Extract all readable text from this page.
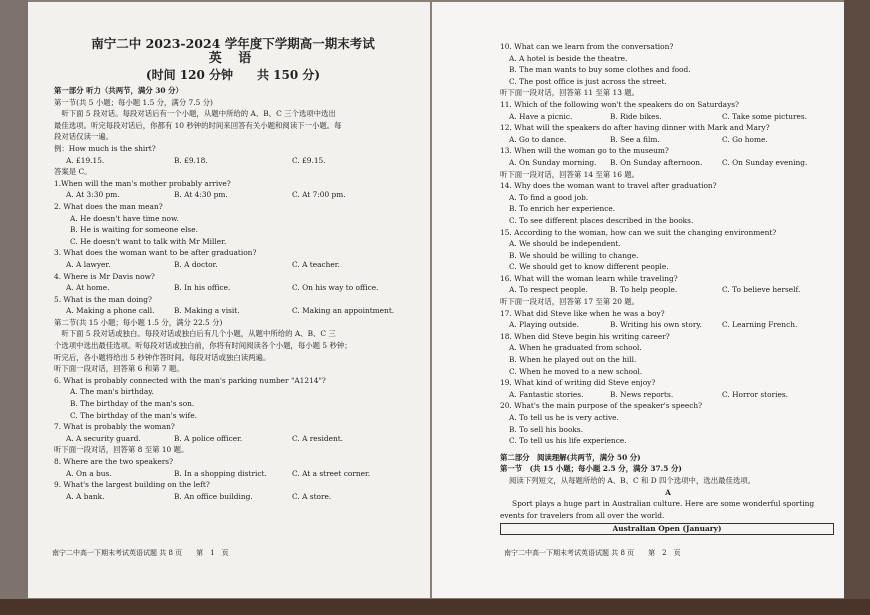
南宁二中 2023-2024 学年度下学期高一期末考试
英 语
(时间 120 分钟　　共 150 分)
第一部分 听力（共两节，满分 30 分）
第一节(共 5 小题；每小题 1.5 分，满分 7.5 分)
　听下面 5 段对话。每段对话后有一个小题，从题中所给的 A、B、C 三个选项中选出
最佳选项。听完每段对话后，你都有 10 秒钟的时间来回答有关小题和阅读下一小题。每
段对话仅读一遍。
例：How much is the shirt?
A. £19.15.	B. £9.18.	C. £9.15.
答案是 C。
1.When will the man's mother probably arrive?
A. At 3:30 pm.	B. At 4:30 pm.	C. At 7:00 pm.
2. What does the man mean?
A. He doesn't have time now.
B. He is waiting for someone else.
C. He doesn't want to talk with Mr Miller.
3. What does the woman want to be after graduation?
A. A lawyer.	B. A doctor.	C. A teacher.
4. Where is Mr Davis now?
A. At home.	B. In his office.	C. On his way to office.
5. What is the man doing?
A. Making a phone call.	B. Making a visit.	C. Making an appointment.
第二节(共 15 小题；每小题 1.5 分，满分 22.5 分)
　听下面 5 段对话或独白。每段对话或独白后有几个小题，从题中所给的 A、B、C 三
个选项中选出最佳选项。听每段对话或独白前，你将有时间阅读各个小题，每小题 5 秒钟；
听完后，各小题将给出 5 秒钟作答时间。每段对话或独白读两遍。
听下面一段对话，回答第 6 和第 7 题。
6. What is probably connected with the man's parking number "A1214"?
A. The man's birthday.
B. The birthday of the man's son.
C. The birthday of the man's wife.
7. What is probably the woman?
A. A security guard.	B. A police officer.	C. A resident.
听下面一段对话，回答第 8 至第 10 题。
8. Where are the two speakers?
A. On a bus.	B. In a shopping district.	C. At a street corner.
9. What's the largest building on the left?
A. A bank.	B. An office building.	C. A store.
南宁二中高一下期末考试英语试题 共 8 页　　第　1　页
10. What can we learn from the conversation?
A. A hotel is beside the theatre.
B. The man wants to buy some clothes and food.
C. The post office is just across the street.
听下面一段对话，回答第 11 至第 13 题。
11. Which of the following won't the speakers do on Saturdays?
A. Have a picnic.	B. Ride bikes.	C. Take some pictures.
12. What will the speakers do after having dinner with Mark and Mary?
A. Go to dance.	B. See a film.	C. Go home.
13. When will the woman go to the museum?
A. On Sunday morning.	B. On Sunday afternoon.	C. On Sunday evening.
听下面一段对话，回答第 14 至第 16 题。
14. Why does the woman want to travel after graduation?
A. To find a good job.
B. To enrich her experience.
C. To see different places described in the books.
15. According to the woman, how can we suit the changing environment?
A. We should be independent.
B. We should be willing to change.
C. We should get to know different people.
16. What will the woman learn while traveling?
A. To respect people.	B. To help people.	C. To believe herself.
听下面一段对话，回答第 17 至第 20 题。
17. What did Steve like when he was a boy?
A. Playing outside.	B. Writing his own story.	C. Learning French.
18. When did Steve begin his writing career?
A. When he graduated from school.
B. When he played out on the hill.
C. When he moved to a new school.
19. What kind of writing did Steve enjoy?
A. Fantastic stories.	B. News reports.	C. Horror stories.
20. What's the main purpose of the speaker's speech?
A. To tell us he is very active.
B. To sell his books.
C. To tell us his life experience.
第二部分　阅读理解(共两节，满分 50 分)
第一节　(共 15 小题；每小题 2.5 分，满分 37.5 分)
阅读下列短文，从每题所给的 A、B、C 和 D 四个选项中，选出最佳选项。
A
Sport plays a huge part in Australian culture. Here are some wonderful sporting events for travelers from all over the world.
Australian Open (January)
南宁二中高一下期末考试英语试题 共 8 页　　第　2　页
